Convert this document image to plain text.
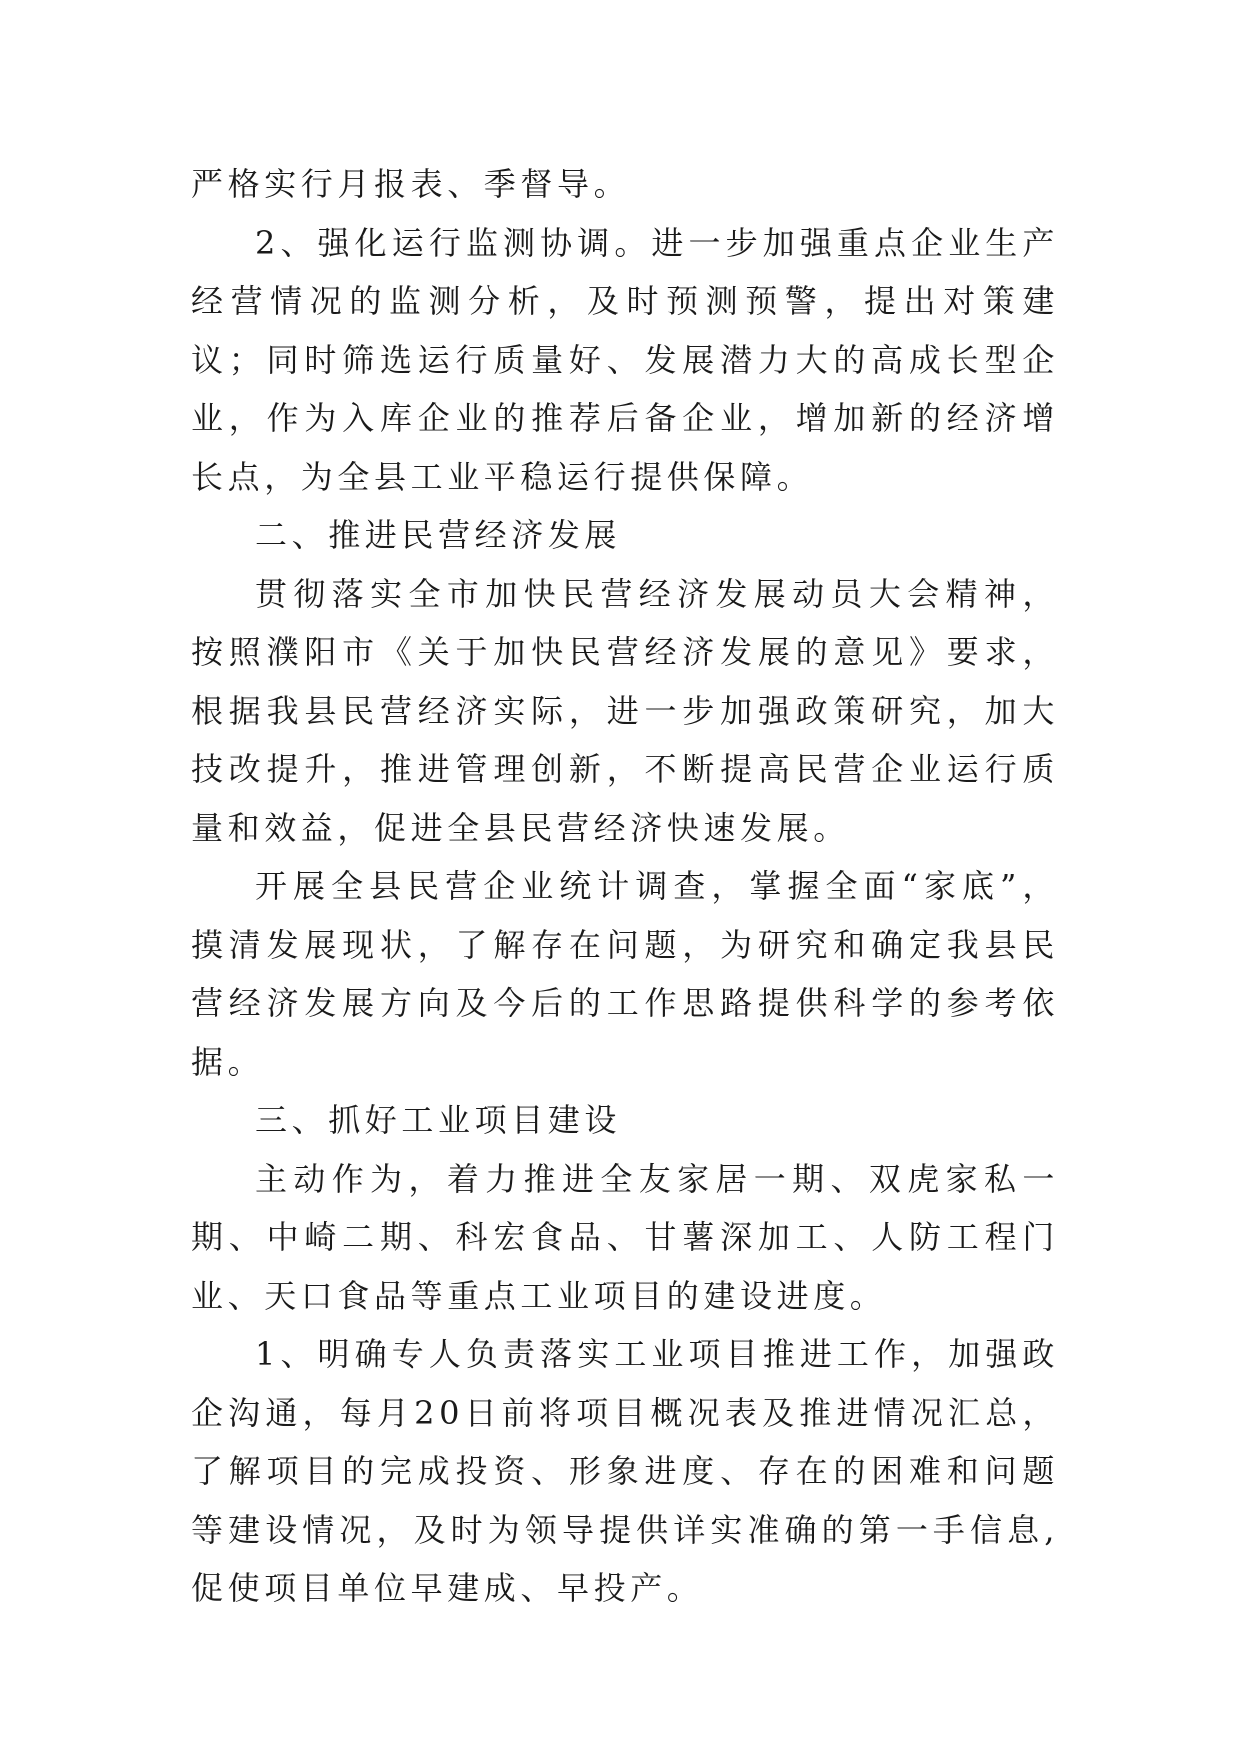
严格实行月报表、季督导。

2、强化运行监测协调。进一步加强重点企业生产经营情况的监测分析，及时预测预警，提出对策建议；同时筛选运行质量好、发展潜力大的高成长型企业，作为入库企业的推荐后备企业，增加新的经济增长点，为全县工业平稳运行提供保障。

二、推进民营经济发展

贯彻落实全市加快民营经济发展动员大会精神，按照濮阳市《关于加快民营经济发展的意见》要求，根据我县民营经济实际，进一步加强政策研究，加大技改提升，推进管理创新，不断提高民营企业运行质量和效益，促进全县民营经济快速发展。

开展全县民营企业统计调查，掌握全面“家底”，摸清发展现状，了解存在问题，为研究和确定我县民营经济发展方向及今后的工作思路提供科学的参考依据。

三、抓好工业项目建设

主动作为，着力推进全友家居一期、双虎家私一期、中崎二期、科宏食品、甘薯深加工、人防工程门业、天口食品等重点工业项目的建设进度。

1、明确专人负责落实工业项目推进工作，加强政企沟通，每月20日前将项目概况表及推进情况汇总，了解项目的完成投资、形象进度、存在的困难和问题等建设情况，及时为领导提供详实准确的第一手信息,促使项目单位早建成、早投产。
